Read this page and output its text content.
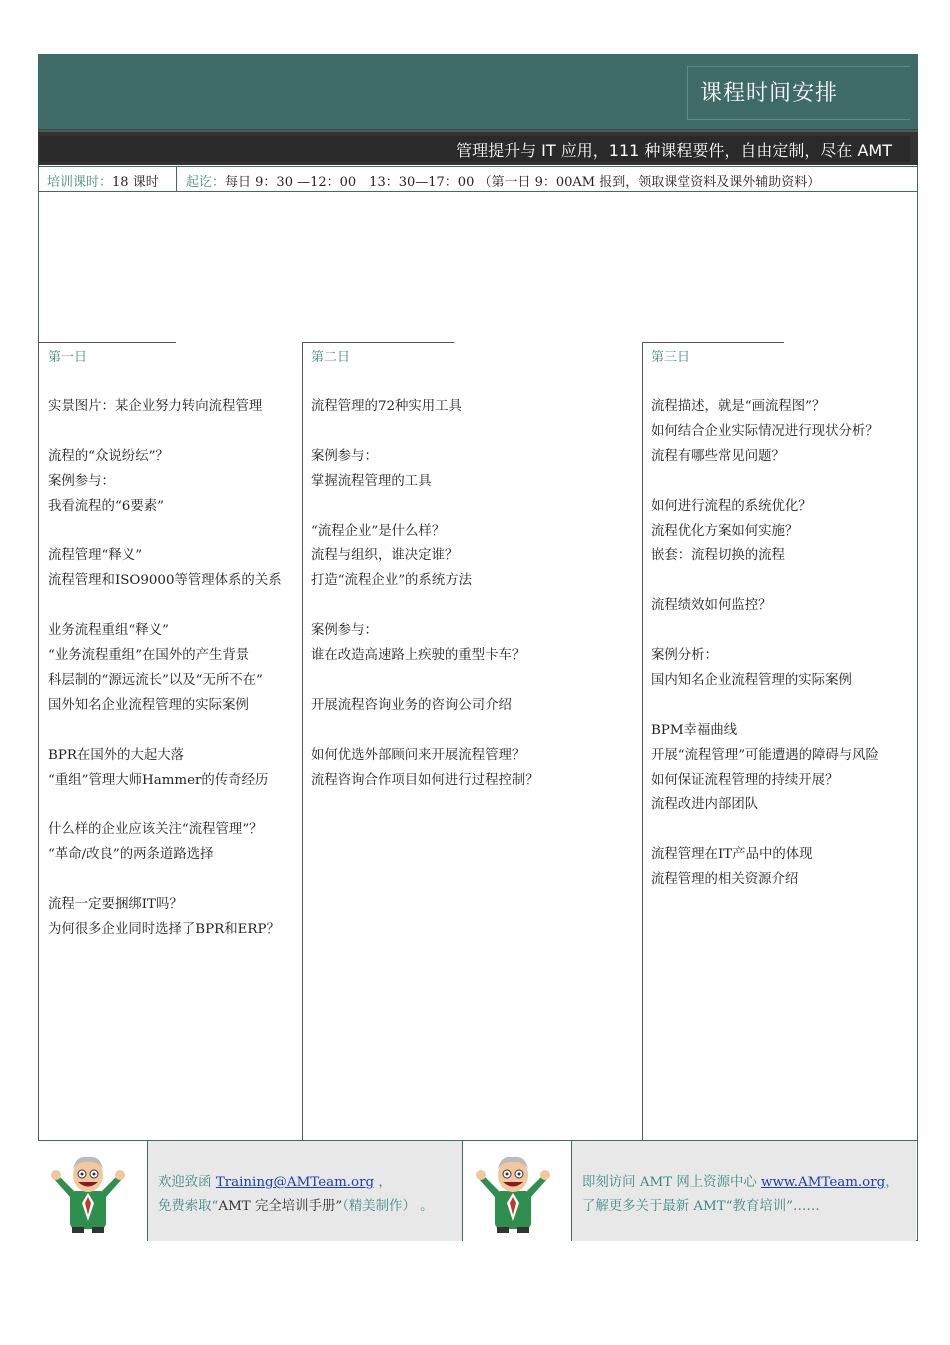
课程时间安排
管理提升与 IT 应用，111 种课程要件，自由定制，尽在 AMT
培训课时：18 课时 起讫：每日 9：30 —12：00　13：30—17：00 （第一日 9：00AM 报到，领取课堂资料及课外辅助资料）
第一日	第二日	第三日
实景图片：某企业努力转向流程管理
流程的“众说纷纭”？
案例参与：
我看流程的“6要素”
流程管理“释义”
流程管理和ISO9000等管理体系的关系
业务流程重组“释义”
“业务流程重组”在国外的产生背景
科层制的“源远流长”以及“无所不在”
国外知名企业流程管理的实际案例
BPR在国外的大起大落
“重组”管理大师Hammer的传奇经历
什么样的企业应该关注“流程管理”？
“革命/改良”的两条道路选择
流程一定要捆绑IT吗？
为何很多企业同时选择了BPR和ERP？
流程管理的72种实用工具
案例参与：
掌握流程管理的工具
“流程企业”是什么样？
流程与组织，谁决定谁？
打造“流程企业”的系统方法
案例参与：
谁在改造高速路上疾驶的重型卡车？
开展流程咨询业务的咨询公司介绍
如何优选外部顾问来开展流程管理？
流程咨询合作项目如何进行过程控制？
流程描述，就是“画流程图”？
如何结合企业实际情况进行现状分析？
流程有哪些常见问题？
如何进行流程的系统优化？
流程优化方案如何实施？
嵌套：流程切换的流程
流程绩效如何监控？
案例分析：
国内知名企业流程管理的实际案例
BPM幸福曲线
开展“流程管理”可能遭遇的障碍与风险
如何保证流程管理的持续开展？
流程改进内部团队
流程管理在IT产品中的体现
流程管理的相关资源介绍
欢迎致函 Training@AMTeam.org ，
免费索取“AMT 完全培训手册”（精美制作） 。
即刻访问 AMT 网上资源中心 www.AMTeam.org，
了解更多关于最新 AMT“教育培训”……
